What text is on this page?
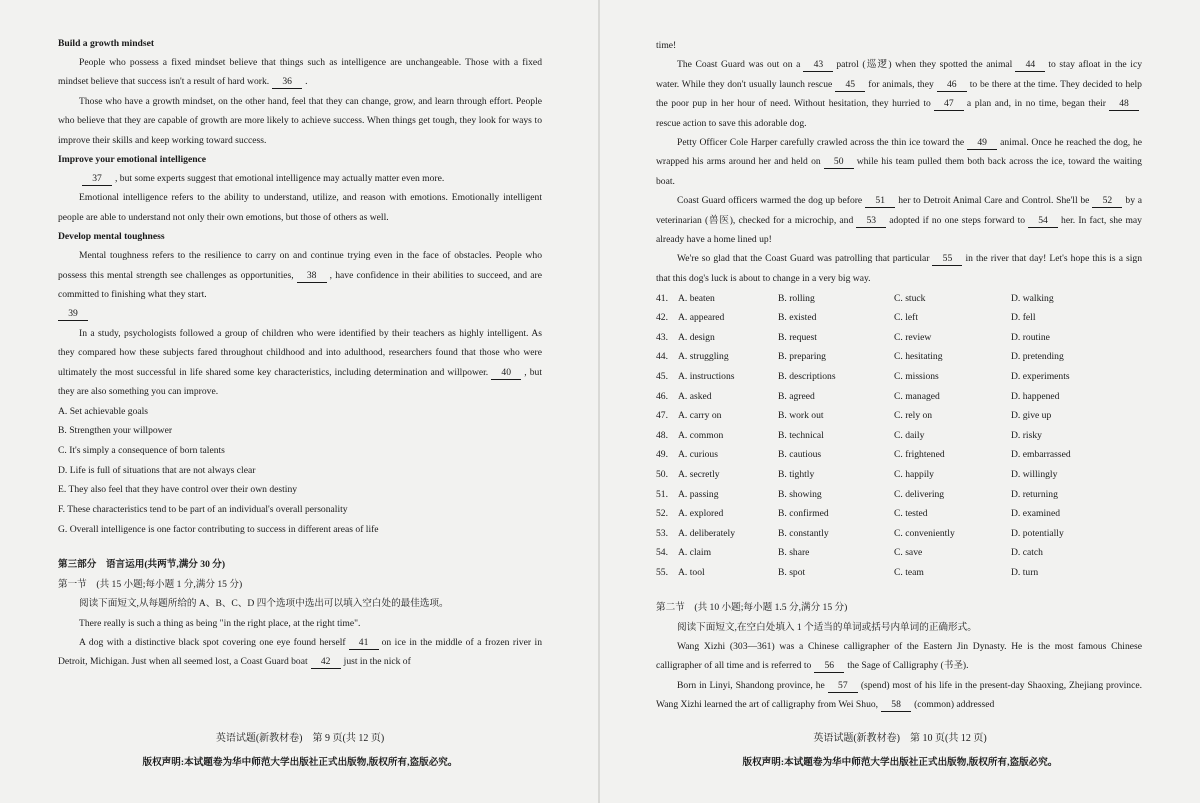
Build a growth mindset

People who possess a fixed mindset believe that things such as intelligence are unchangeable. Those with a fixed mindset believe that success isn't a result of hard work. 36 .

Those who have a growth mindset, on the other hand, feel that they can change, grow, and learn through effort. People who believe that they are capable of growth are more likely to achieve success. When things get tough, they look for ways to improve their skills and keep working toward success.

Improve your emotional intelligence

37 , but some experts suggest that emotional intelligence may actually matter even more.

Emotional intelligence refers to the ability to understand, utilize, and reason with emotions. Emotionally intelligent people are able to understand not only their own emotions, but those of others as well.

Develop mental toughness

Mental toughness refers to the resilience to carry on and continue trying even in the face of obstacles. People who possess this mental strength see challenges as opportunities, 38 , have confidence in their abilities to succeed, and are committed to finishing what they start.

39

In a study, psychologists followed a group of children who were identified by their teachers as highly intelligent. As they compared how these subjects fared throughout childhood and into adulthood, researchers found that those who were ultimately the most successful in life shared some key characteristics, including determination and willpower. 40 , but they are also something you can improve.

A. Set achievable goals
B. Strengthen your willpower
C. It's simply a consequence of born talents
D. Life is full of situations that are not always clear
E. They also feel that they have control over their own destiny
F. These characteristics tend to be part of an individual's overall personality
G. Overall intelligence is one factor contributing to success in different areas of life
第三部分　语言运用(共两节,满分 30 分)
第一节　(共 15 小题;每小题 1 分,满分 15 分)

阅读下面短文,从每题所给的 A、B、C、D 四个选项中选出可以填入空白处的最佳选项。

There really is such a thing as being "in the right place, at the right time".

A dog with a distinctive black spot covering one eye found herself 41 on ice in the middle of a frozen river in Detroit, Michigan. Just when all seemed lost, a Coast Guard boat 42 just in the nick of

英语试题(新教材卷)　第 9 页(共 12 页)
版权声明:本试题卷为华中师范大学出版社正式出版物,版权所有,盗版必究。

time!

The Coast Guard was out on a 43 patrol (巡逻) when they spotted the animal 44 to stay afloat in the icy water. While they don't usually launch rescue 45 for animals, they 46 to be there at the time. They decided to help the poor pup in her hour of need. Without hesitation, they hurried to 47 a plan and, in no time, began their 48rescue action to save this adorable dog.

Petty Officer Cole Harper carefully crawled across the thin ice toward the 49 animal. Once he reached the dog, he wrapped his arms around her and held on 50 while his team pulled them both back across the ice, toward the waiting boat.

Coast Guard officers warmed the dog up before 51 her to Detroit Animal Care and Control. She'll be 52 by a veterinarian (兽医), checked for a microchip, and 53 adopted if no one steps forward to 54 her. In fact, she may already have a home lined up!

We're so glad that the Coast Guard was patrolling that particular 55 in the river that day! Let's hope this is a sign that this dog's luck is about to change in a very big way.

41.	A. beaten	B. rolling	C. stuck	D. walking
42.	A. appeared	B. existed	C. left	D. fell
43.	A. design	B. request	C. review	D. routine
44.	A. struggling	B. preparing	C. hesitating	D. pretending
45.	A. instructions	B. descriptions	C. missions	D. experiments
46.	A. asked	B. agreed	C. managed	D. happened
47.	A. carry on	B. work out	C. rely on	D. give up
48.	A. common	B. technical	C. daily	D. risky
49.	A. curious	B. cautious	C. frightened	D. embarrassed
50.	A. secretly	B. tightly	C. happily	D. willingly
51.	A. passing	B. showing	C. delivering	D. returning
52.	A. explored	B. confirmed	C. tested	D. examined
53.	A. deliberately	B. constantly	C. conveniently	D. potentially
54.	A. claim	B. share	C. save	D. catch
55.	A. tool	B. spot	C. team	D. turn
第二节　(共 10 小题;每小题 1.5 分,满分 15 分)

阅读下面短文,在空白处填入 1 个适当的单词或括号内单词的正确形式。

Wang Xizhi (303—361) was a Chinese calligrapher of the Eastern Jin Dynasty. He is the most famous Chinese calligrapher of all time and is referred to 56 the Sage of Calligraphy (书圣).

Born in Linyi, Shandong province, he 57 (spend) most of his life in the present-day Shaoxing, Zhejiang province. Wang Xizhi learned the art of calligraphy from Wei Shuo, 58 (common) addressed

英语试题(新教材卷)　第 10 页(共 12 页)
版权声明:本试题卷为华中师范大学出版社正式出版物,版权所有,盗版必究。
